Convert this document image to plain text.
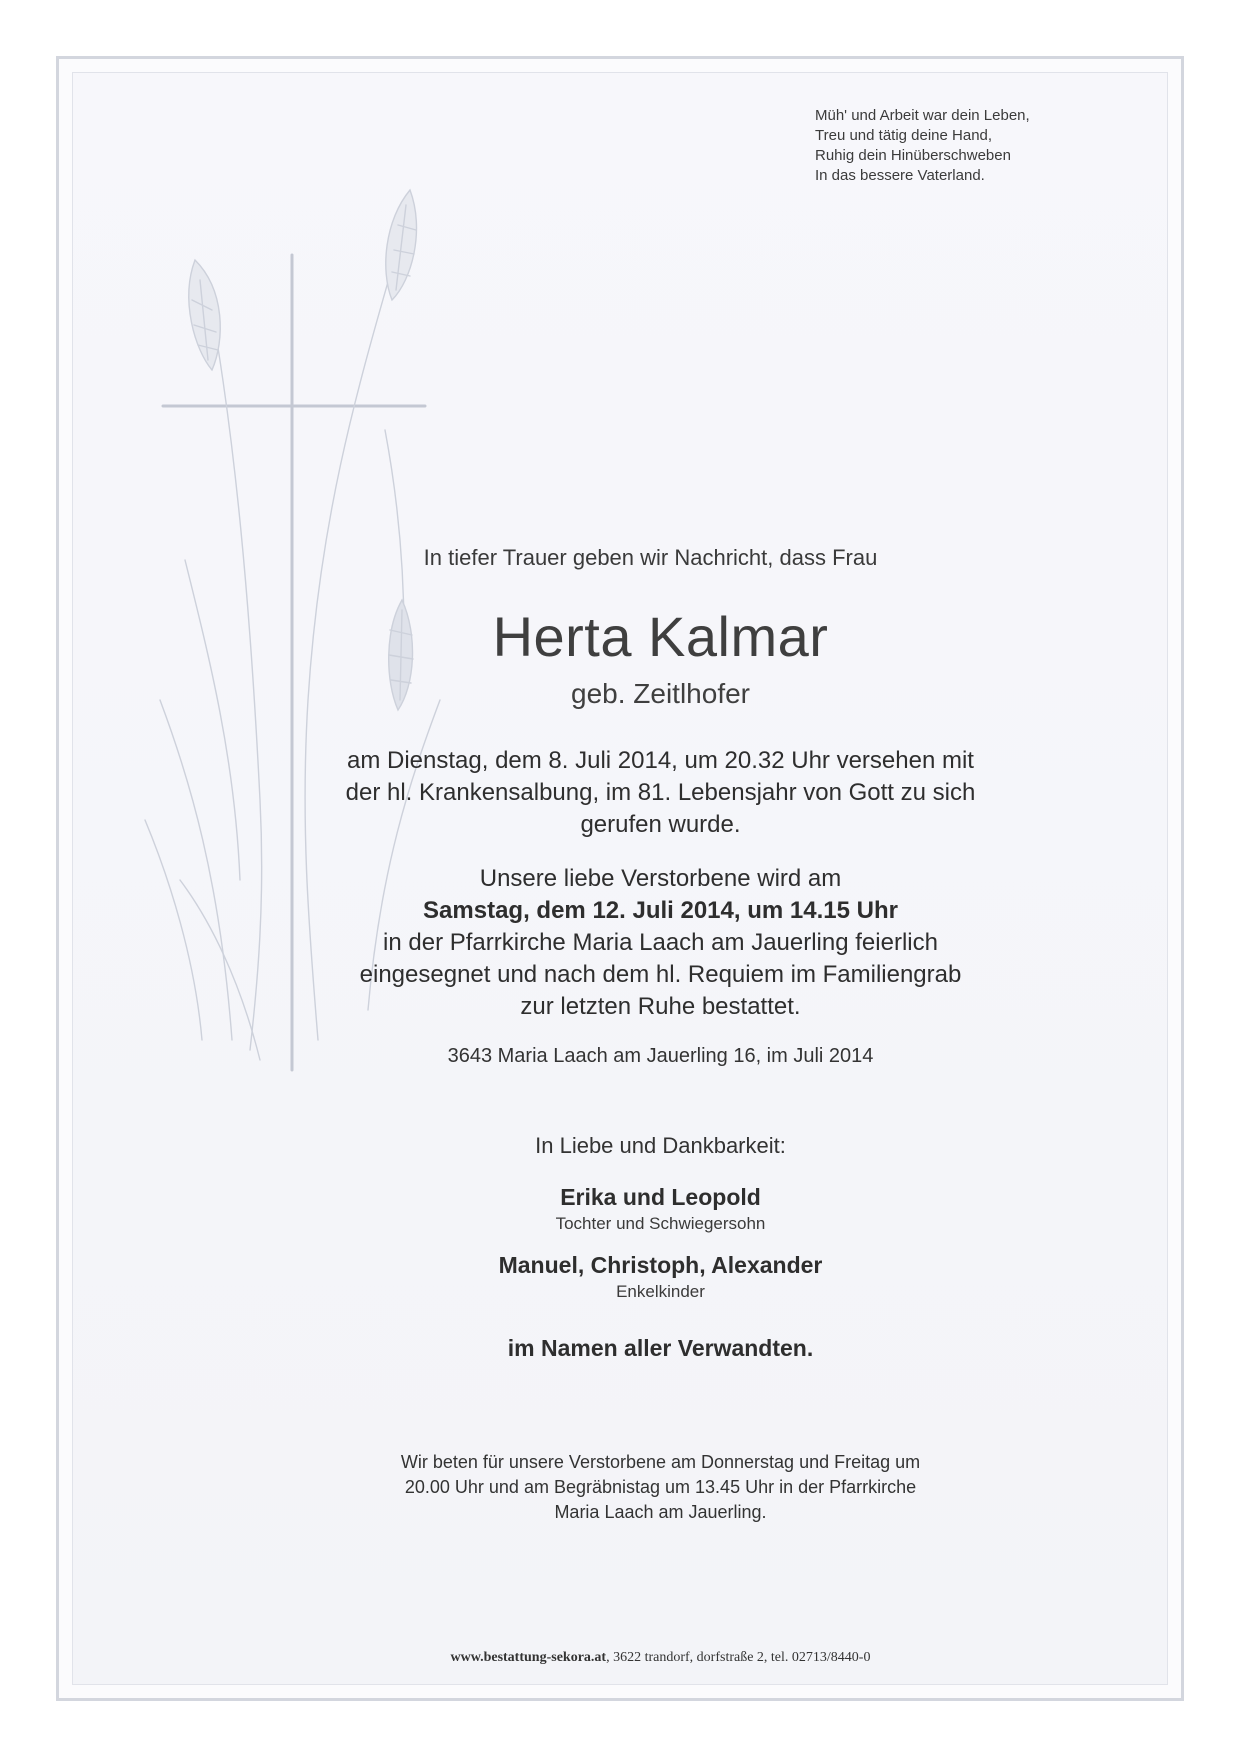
Müh' und Arbeit war dein Leben,
Treu und tätig deine Hand,
Ruhig dein Hinüberschweben
In das bessere Vaterland.

In tiefer Trauer geben wir Nachricht, dass Frau

Herta Kalmar

geb. Zeitlhofer

am Dienstag, dem 8. Juli 2014, um 20.32 Uhr versehen mit
der hl. Krankensalbung, im 81. Lebensjahr von Gott zu sich
gerufen wurde.
Unsere liebe Verstorbene wird am
Samstag, dem 12. Juli 2014, um 14.15 Uhr
in der Pfarrkirche Maria Laach am Jauerling feierlich
eingesegnet und nach dem hl. Requiem im Familiengrab
zur letzten Ruhe bestattet.

3643 Maria Laach am Jauerling 16, im Juli 2014

In Liebe und Dankbarkeit:

Erika und Leopold

Tochter und Schwiegersohn

Manuel, Christoph, Alexander

Enkelkinder

im Namen aller Verwandten.

Wir beten für unsere Verstorbene am Donnerstag und Freitag um
20.00 Uhr und am Begräbnistag um 13.45 Uhr in der Pfarrkirche
Maria Laach am Jauerling.

www.bestattung-sekora.at, 3622 trandorf, dorfstraße 2, tel. 02713/8440-0
